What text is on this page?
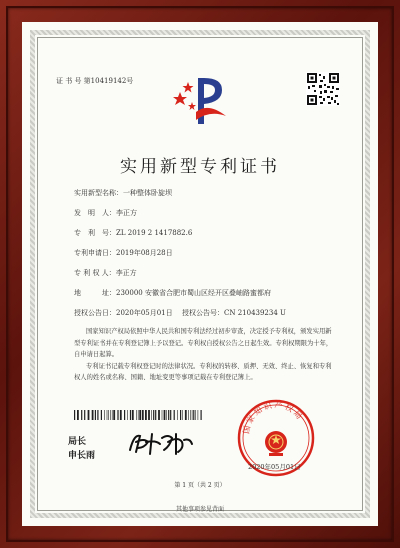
证 书 号 第10419142号
实用新型专利证书
实用新型名称：一种整体卧旋坝
发　明　人：李正方
专　利　号：ZL 2019 2 1417882.6
专利申请日：2019年08月28日
专 利 权 人：李正方
地　　　址：230000 安徽省合肥市蜀山区经开区叠岫路蜜都府
授权公告日：2020年05月01日 授权公告号：CN 210439234 U

国家知识产权局依照中华人民共和国专利法经过初步审查，决定授予专利权，颁发实用新型专利证书并在专利登记簿上予以登记。专利权自授权公告之日起生效。专利权期限为十年，自申请日起算。

专利证书记载专利权登记时的法律状况。专利权的转移、质押、无效、终止、恢复和专利权人的姓名或名称、国籍、地址变更等事项记载在专利登记簿上。

局长
申长雨
国家知识产权局
2020年05月01日
第 1 页（共 2 页）
其他事项参见背面
